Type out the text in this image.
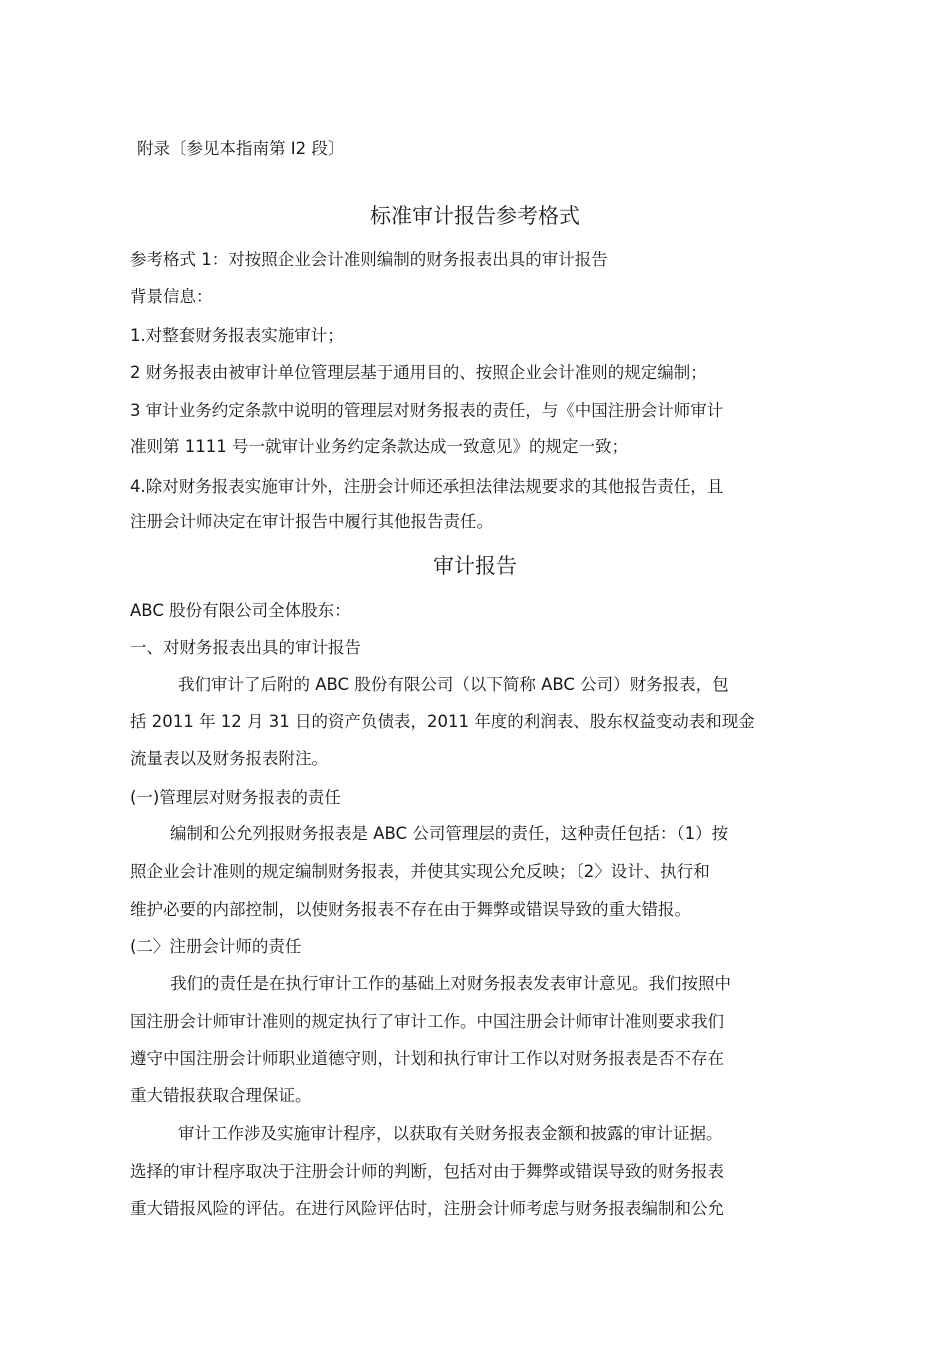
附录〔参见本指南第 I2 段〕
标准审计报告参考格式
参考格式 1：对按照企业会计准则编制的财务报表出具的审计报告
背景信息：
1.对整套财务报表实施审计；
2 财务报表由被审计单位管理层基于通用目的、按照企业会计准则的规定编制；
3 审计业务约定条款中说明的管理层对财务报表的责任，与《中国注册会计师审计
准则第 1111 号一就审计业务约定条款达成一致意见》的规定一致；
4.除对财务报表实施审计外，注册会计师还承担法律法规要求的其他报告责任，且
注册会计师决定在审计报告中履行其他报告责任。
审计报告
ABC 股份有限公司全体股东：
一、对财务报表出具的审计报告
我们审计了后附的 ABC 股份有限公司（以下简称 ABC 公司）财务报表，包
括 2011 年 12 月 31 日的资产负债表，2011 年度的利润表、股东权益变动表和现金
流量表以及财务报表附注。
(一)管理层对财务报表的责任
编制和公允列报财务报表是 ABC 公司管理层的责任，这种责任包括：（1）按
照企业会计准则的规定编制财务报表，并使其实现公允反映；〔2〉设计、执行和
维护必要的内部控制，以使财务报表不存在由于舞弊或错误导致的重大错报。
(二〉注册会计师的责任
我们的责任是在执行审计工作的基础上对财务报表发表审计意见。我们按照中
国注册会计师审计准则的规定执行了审计工作。中国注册会计师审计准则要求我们
遵守中国注册会计师职业道德守则，计划和执行审计工作以对财务报表是否不存在
重大错报获取合理保证。
审计工作涉及实施审计程序，以获取有关财务报表金额和披露的审计证据。
选择的审计程序取决于注册会计师的判断，包括对由于舞弊或错误导致的财务报表
重大错报风险的评估。在进行风险评估时，注册会计师考虑与财务报表编制和公允
